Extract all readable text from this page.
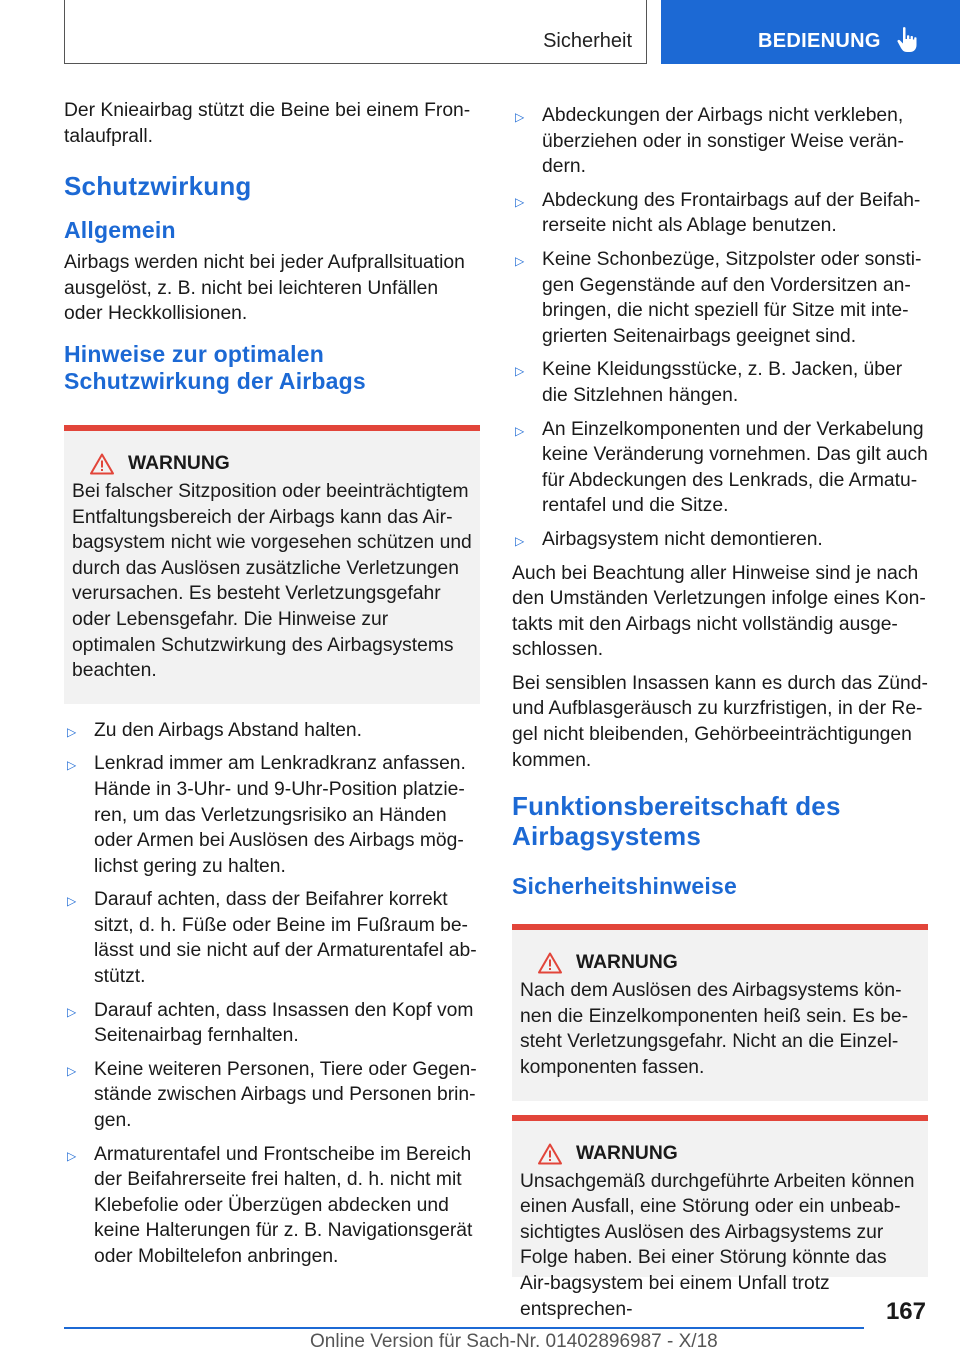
Sicherheit	BEDIENUNG

Der Knieairbag stützt die Beine bei einem Fron-talaufprall.

Schutzwirkung
Allgemein

Airbags werden nicht bei jeder Aufprallsituation ausgelöst, z. B. nicht bei leichteren Unfällen oder Heckkollisionen.

Hinweise zur optimalen Schutzwirkung der Airbags
WARNUNG

Bei falscher Sitzposition oder beeinträchtigtem Entfaltungsbereich der Airbags kann das Air-bagsystem nicht wie vorgesehen schützen und durch das Auslösen zusätzliche Verletzungen verursachen. Es besteht Verletzungsgefahr oder Lebensgefahr. Die Hinweise zur optimalen Schutzwirkung des Airbagsystems beachten.

▷ Zu den Airbags Abstand halten.
▷ Lenkrad immer am Lenkradkranz anfassen. Hände in 3-Uhr- und 9-Uhr-Position platzie-ren, um das Verletzungsrisiko an Händen oder Armen bei Auslösen des Airbags mög-lichst gering zu halten.
▷ Darauf achten, dass der Beifahrer korrekt sitzt, d. h. Füße oder Beine im Fußraum be-lässt und sie nicht auf der Armaturentafel ab-stützt.
▷ Darauf achten, dass Insassen den Kopf vom Seitenairbag fernhalten.
▷ Keine weiteren Personen, Tiere oder Gegen-stände zwischen Airbags und Personen brin-gen.
▷ Armaturentafel und Frontscheibe im Bereich der Beifahrerseite frei halten, d. h. nicht mit Klebefolie oder Überzügen abdecken und keine Halterungen für z. B. Navigationsgerät oder Mobiltelefon anbringen.
▷ Abdeckungen der Airbags nicht verkleben, überziehen oder in sonstiger Weise verän-dern.
▷ Abdeckung des Frontairbags auf der Beifah-rerseite nicht als Ablage benutzen.
▷ Keine Schonbezüge, Sitzpolster oder sonsti-gen Gegenstände auf den Vordersitzen an-bringen, die nicht speziell für Sitze mit inte-grierten Seitenairbags geeignet sind.
▷ Keine Kleidungsstücke, z. B. Jacken, über die Sitzlehnen hängen.
▷ An Einzelkomponenten und der Verkabelung keine Veränderung vornehmen. Das gilt auch für Abdeckungen des Lenkrads, die Armatu-rentafel und die Sitze.
▷ Airbagsystem nicht demontieren.

Auch bei Beachtung aller Hinweise sind je nach den Umständen Verletzungen infolge eines Kon-takts mit den Airbags nicht vollständig ausge-schlossen.

Bei sensiblen Insassen kann es durch das Zünd-und Aufblasgeräusch zu kurzfristigen, in der Re-gel nicht bleibenden, Gehörbeeinträchtigungen kommen.

Funktionsbereitschaft des Airbagsystems
Sicherheitshinweise
WARNUNG

Nach dem Auslösen des Airbagsystems kön-nen die Einzelkomponenten heiß sein. Es be-steht Verletzungsgefahr. Nicht an die Einzel-komponenten fassen.

WARNUNG

Unsachgemäß durchgeführte Arbeiten können einen Ausfall, eine Störung oder ein unbeab-sichtigtes Auslösen des Airbagsystems zur Folge haben. Bei einer Störung könnte das Air-bagsystem bei einem Unfall trotz entsprechen-	167
Online Version für Sach-Nr. 01402896987 - X/18
